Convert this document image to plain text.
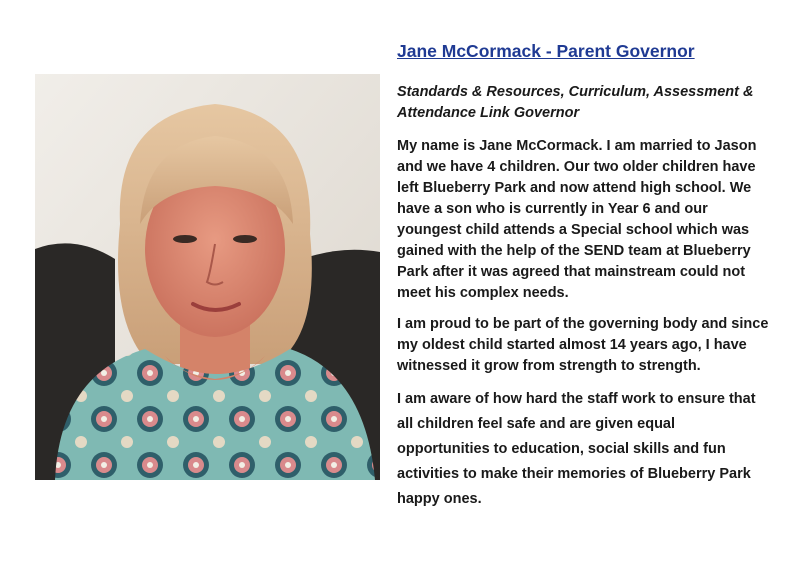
Jane McCormack - Parent Governor

Standards & Resources, Curriculum, Assessment & Attendance Link Governor

My name is Jane McCormack. I am married to Jason and we have 4 children. Our two older children have left Blueberry Park and now attend high school. We have a son who is currently in Year 6 and our youngest child attends a Special school which was gained with the help of the SEND team at Blueberry Park after it was agreed that mainstream could not meet his complex needs.

I am proud to be part of the governing body and since my oldest child started almost 14 years ago, I have witnessed it grow from strength to strength.

I am aware of how hard the staff work to ensure that all children feel safe and are given equal opportunities to education, social skills and fun activities to make their memories of Blueberry Park happy ones.
